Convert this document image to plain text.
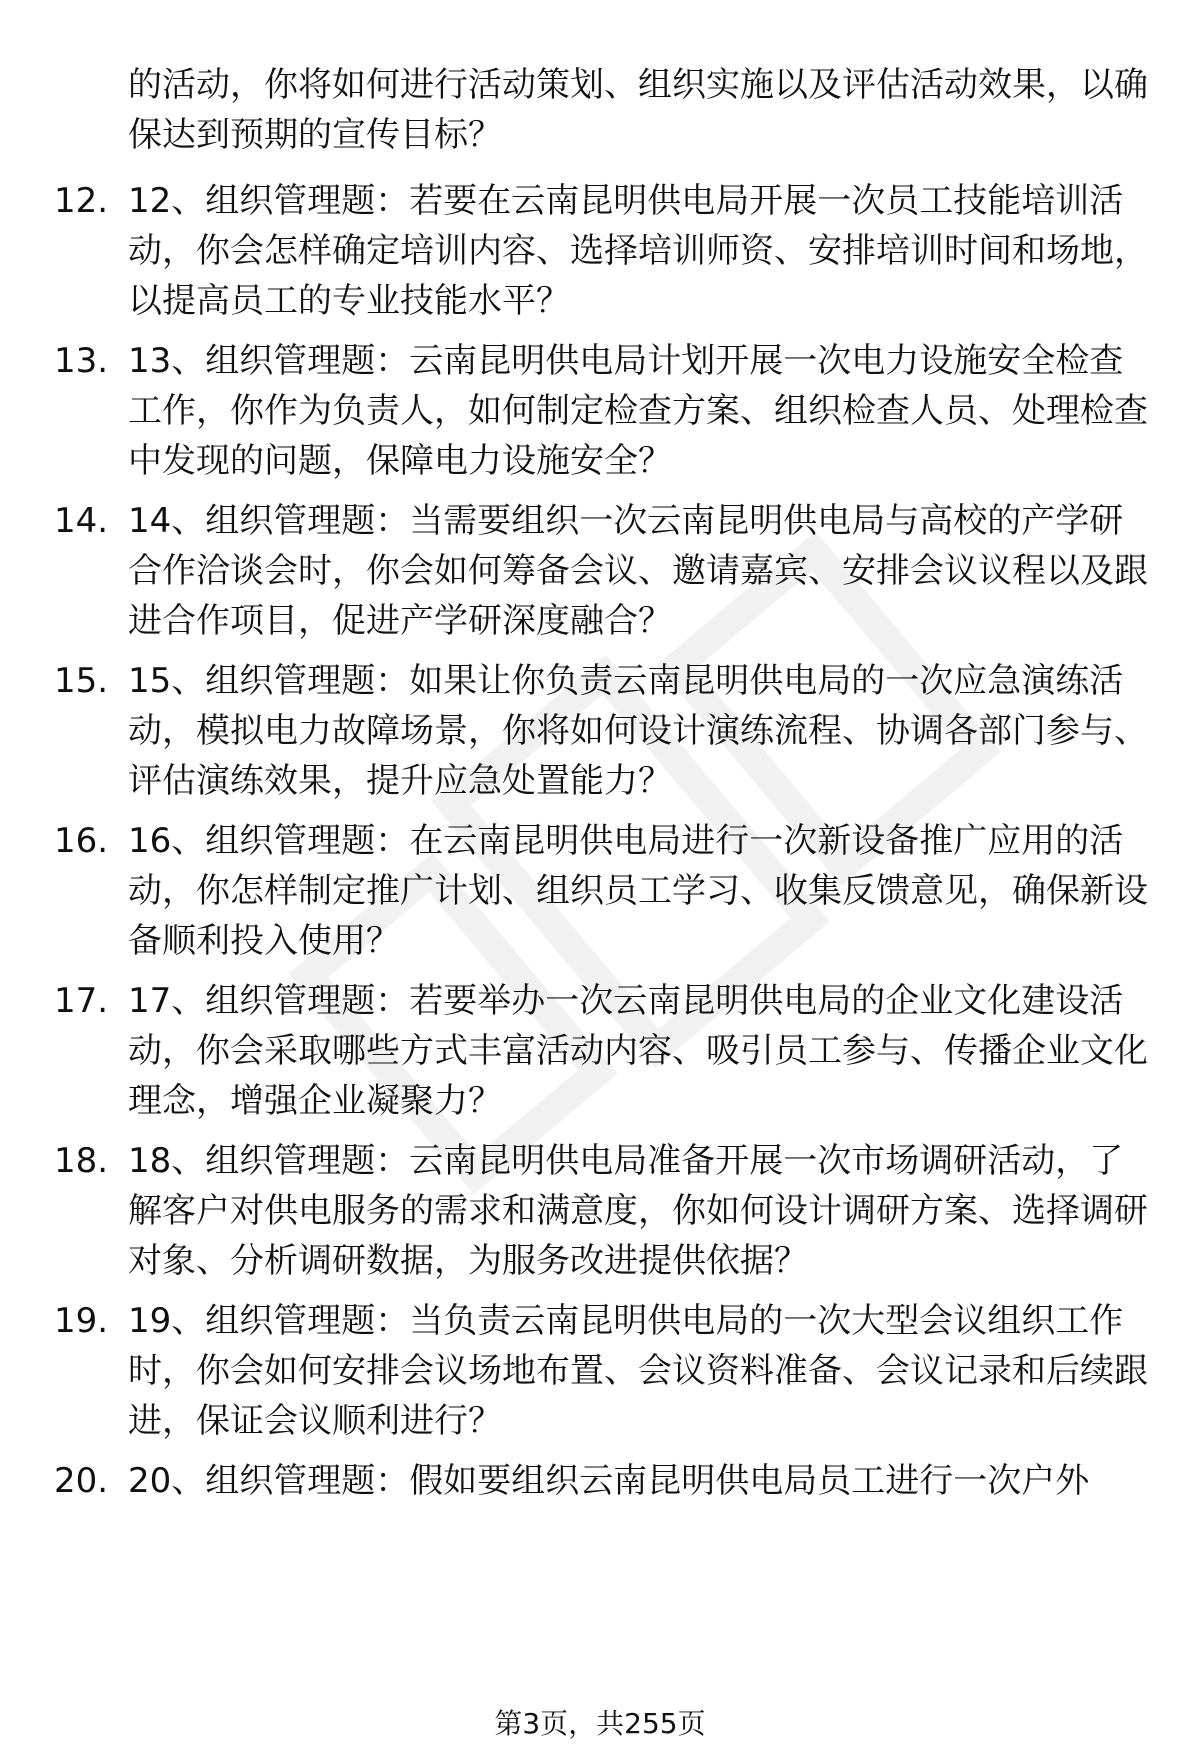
的活动，你将如何进行活动策划、组织实施以及评估活动效果，以确保达到预期的宣传目标？
12. 12、组织管理题：若要在云南昆明供电局开展一次员工技能培训活动，你会怎样确定培训内容、选择培训师资、安排培训时间和场地，以提高员工的专业技能水平？
13. 13、组织管理题：云南昆明供电局计划开展一次电力设施安全检查工作，你作为负责人，如何制定检查方案、组织检查人员、处理检查中发现的问题，保障电力设施安全？
14. 14、组织管理题：当需要组织一次云南昆明供电局与高校的产学研合作洽谈会时，你会如何筹备会议、邀请嘉宾、安排会议议程以及跟进合作项目，促进产学研深度融合？
15. 15、组织管理题：如果让你负责云南昆明供电局的一次应急演练活动，模拟电力故障场景，你将如何设计演练流程、协调各部门参与、评估演练效果，提升应急处置能力？
16. 16、组织管理题：在云南昆明供电局进行一次新设备推广应用的活动，你怎样制定推广计划、组织员工学习、收集反馈意见，确保新设备顺利投入使用？
17. 17、组织管理题：若要举办一次云南昆明供电局的企业文化建设活动，你会采取哪些方式丰富活动内容、吸引员工参与、传播企业文化理念，增强企业凝聚力？
18. 18、组织管理题：云南昆明供电局准备开展一次市场调研活动，了解客户对供电服务的需求和满意度，你如何设计调研方案、选择调研对象、分析调研数据，为服务改进提供依据？
19. 19、组织管理题：当负责云南昆明供电局的一次大型会议组织工作时，你会如何安排会议场地布置、会议资料准备、会议记录和后续跟进，保证会议顺利进行？
20. 20、组织管理题：假如要组织云南昆明供电局员工进行一次户外
第3页，共255页
